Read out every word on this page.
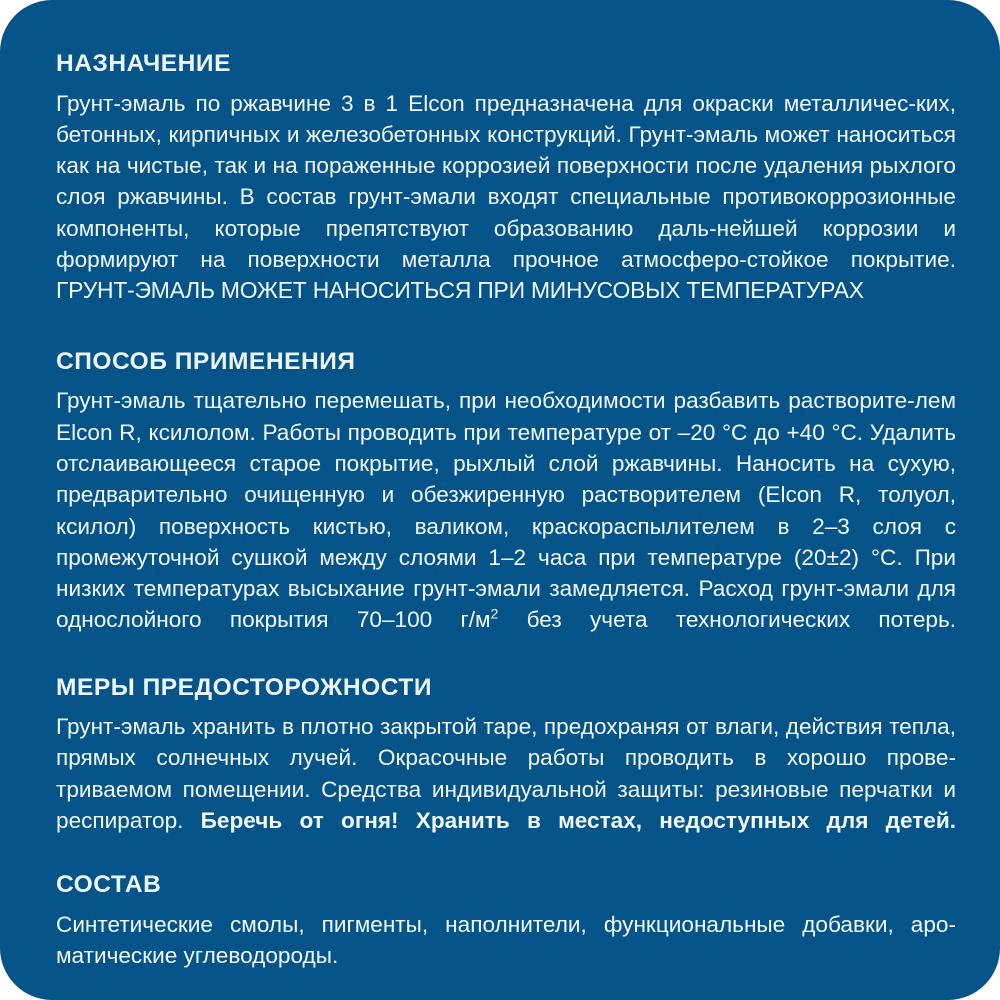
НАЗНАЧЕНИЕ

Грунт-эмаль по ржавчине 3 в 1 Elcon предназначена для окраски металличес-ких, бетонных, кирпичных и железобетонных конструкций. Грунт-эмаль может наноситься как на чистые, так и на пораженные коррозией поверхности после удаления рыхлого слоя ржавчины. В состав грунт-эмали входят специальные противокоррозионные компоненты, которые препятствуют образованию даль-нейшей коррозии и формируют на поверхности металла прочное атмосферо-стойкое покрытие.

ГРУНТ-ЭМАЛЬ МОЖЕТ НАНОСИТЬСЯ ПРИ МИНУСОВЫХ ТЕМПЕРАТУРАХ

СПОСОБ ПРИМЕНЕНИЯ

Грунт-эмаль тщательно перемешать, при необходимости разбавить растворите-лем Elcon R, ксилолом. Работы проводить при температуре от –20 °C до +40 °C. Удалить отслаивающееся старое покрытие, рыхлый слой ржавчины. Наносить на сухую, предварительно очищенную и обезжиренную растворителем (Elcon R, толуол, ксилол) поверхность кистью, валиком, краскораспылителем в 2–3 слоя с промежуточной сушкой между слоями 1–2 часа при температуре (20±2) °C. При низких температурах высыхание грунт-эмали замедляется. Расход грунт-эмали для однослойного покрытия 70–100 $г/м^2$ без учета технологических потерь.

МЕРЫ ПРЕДОСТОРОЖНОСТИ

Грунт-эмаль хранить в плотно закрытой таре, предохраняя от влаги, действия тепла, прямых солнечных лучей. Окрасочные работы проводить в хорошо прове-триваемом помещении. Средства индивидуальной защиты: резиновые перчатки и респиратор. Беречь от огня! Хранить в местах, недоступных для детей.

СОСТАВ

Синтетические смолы, пигменты, наполнители, функциональные добавки, аро-матические углеводороды.
